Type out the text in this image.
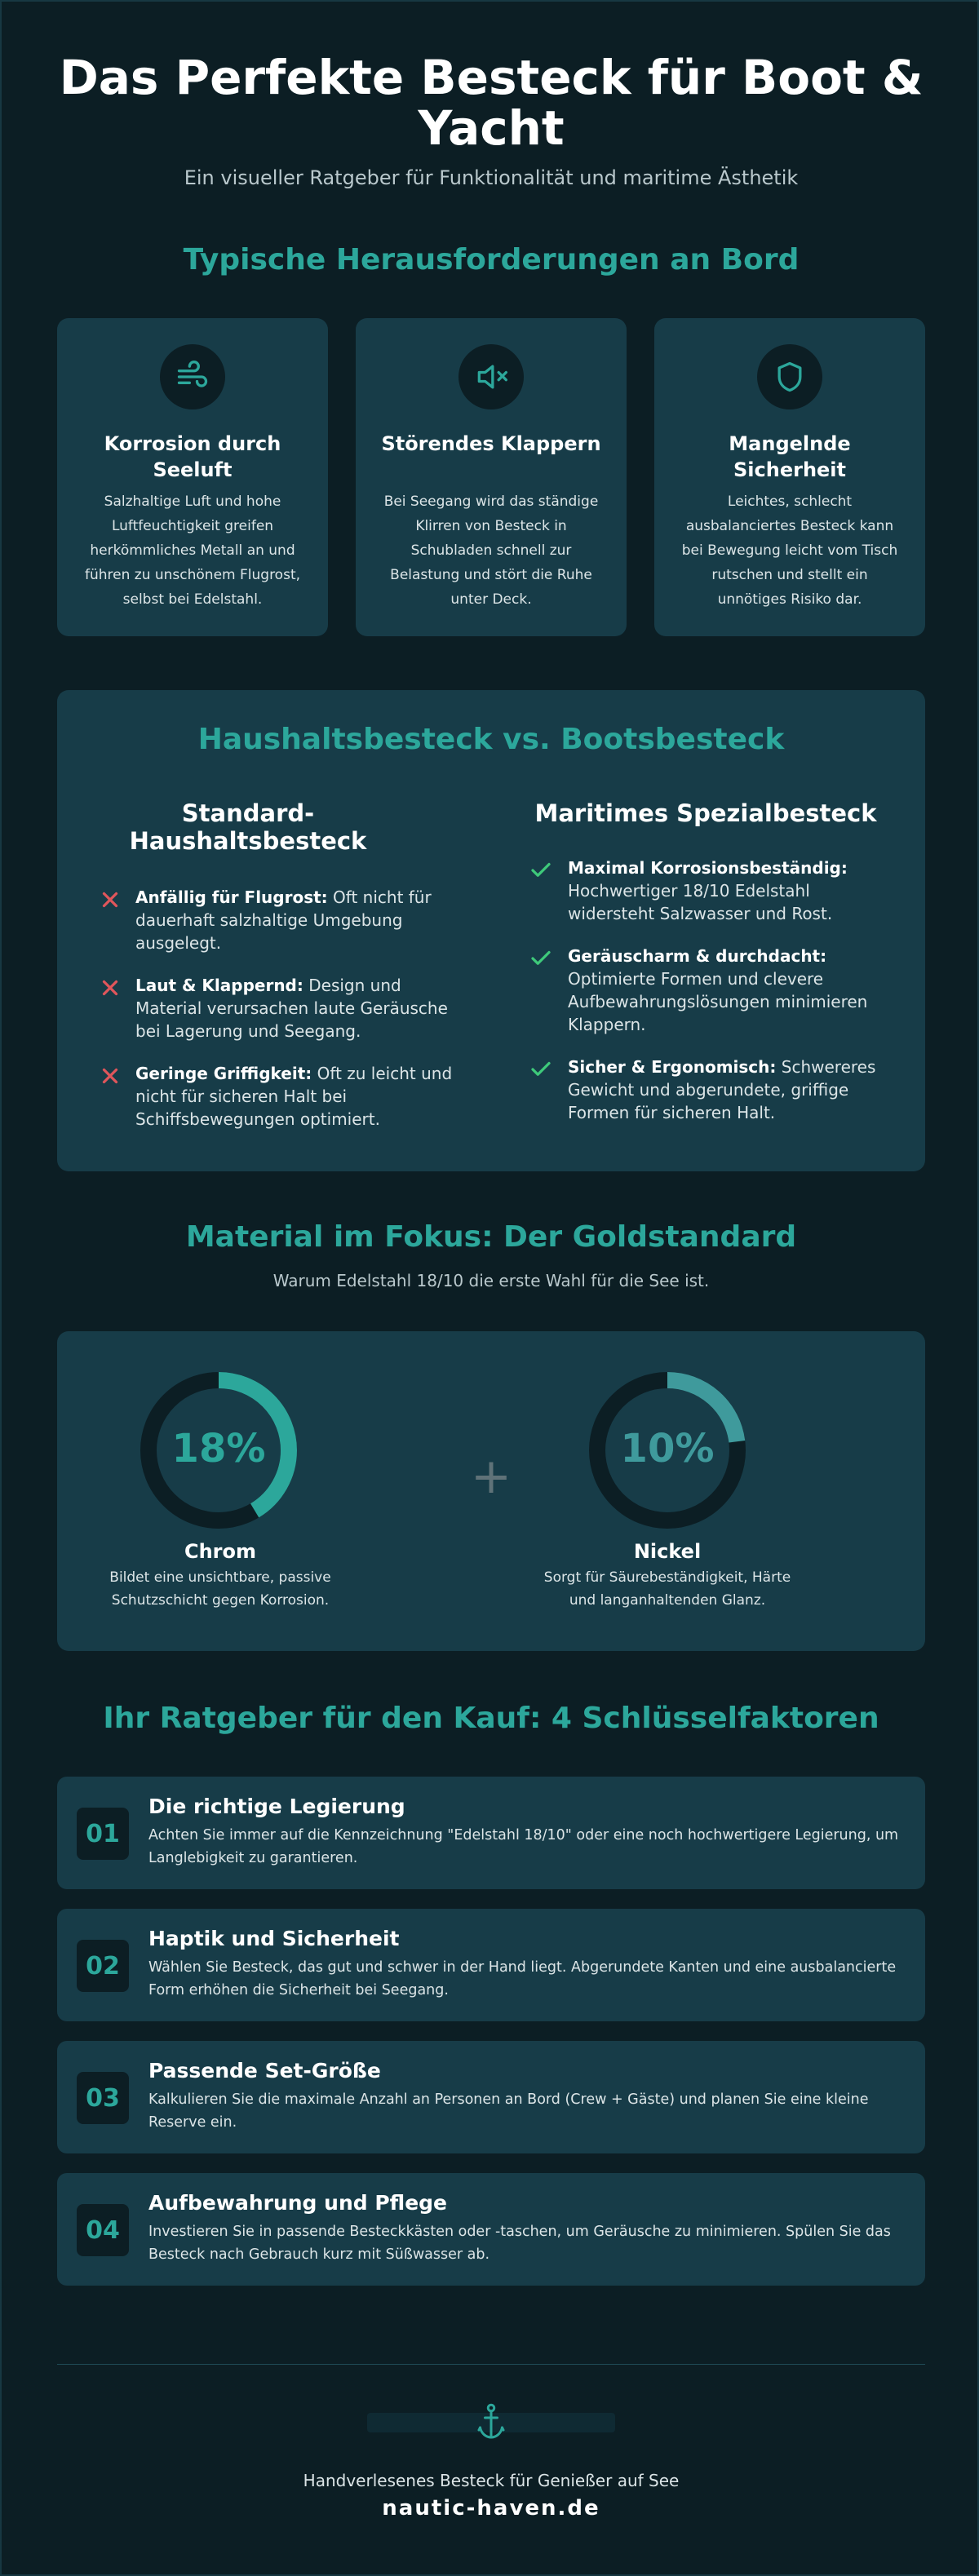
Das Perfekte Besteck für Boot & Yacht

Ein visueller Ratgeber für Funktionalität und maritime Ästhetik

Typische Herausforderungen an Bord
Korrosion durch Seeluft
Salzhaltige Luft und hohe Luftfeuchtigkeit greifen herkömmliches Metall an und führen zu unschönem Flugrost, selbst bei Edelstahl.
Störendes Klappern
Bei Seegang wird das ständige Klirren von Besteck in Schubladen schnell zur Belastung und stört die Ruhe unter Deck.
Mangelnde Sicherheit
Leichtes, schlecht ausbalanciertes Besteck kann bei Bewegung leicht vom Tisch rutschen und stellt ein unnötiges Risiko dar.
Haushaltsbesteck vs. Bootsbesteck
Standard-Haushaltsbesteck
Maritimes Spezialbesteck
Anfällig für Flugrost: Oft nicht für dauerhaft salzhaltige Umgebung ausgelegt.
Laut & Klappernd: Design und Material verursachen laute Geräusche bei Lagerung und Seegang.
Geringe Griffigkeit: Oft zu leicht und nicht für sicheren Halt bei Schiffsbewegungen optimiert.
Maximal Korrosionsbeständig: Hochwertiger 18/10 Edelstahl widersteht Salzwasser und Rost.
Geräuscharm & durchdacht: Optimierte Formen und clevere Aufbewahrungslösungen minimieren Klappern.
Sicher & Ergonomisch: Schwereres Gewicht und abgerundete, griffige Formen für sicheren Halt.
Material im Fokus: Der Goldstandard

Warum Edelstahl 18/10 die erste Wahl für die See ist.

18%
Chrom
Bildet eine unsichtbare, passive Schutzschicht gegen Korrosion.
+	10%
Nickel
Sorgt für Säurebeständigkeit, Härte und langanhaltenden Glanz.
Ihr Ratgeber für den Kauf: 4 Schlüsselfaktoren
01
Die richtige Legierung
Achten Sie immer auf die Kennzeichnung "Edelstahl 18/10" oder eine noch hochwertigere Legierung, um Langlebigkeit zu garantieren.
02
Haptik und Sicherheit
Wählen Sie Besteck, das gut und schwer in der Hand liegt. Abgerundete Kanten und eine ausbalancierte Form erhöhen die Sicherheit bei Seegang.
03
Passende Set-Größe
Kalkulieren Sie die maximale Anzahl an Personen an Bord (Crew + Gäste) und planen Sie eine kleine Reserve ein.
04
Aufbewahrung und Pflege
Investieren Sie in passende Besteckkästen oder -taschen, um Geräusche zu minimieren. Spülen Sie das Besteck nach Gebrauch kurz mit Süßwasser ab.

Handverlesenes Besteck für Genießer auf See

nautic-haven.de
